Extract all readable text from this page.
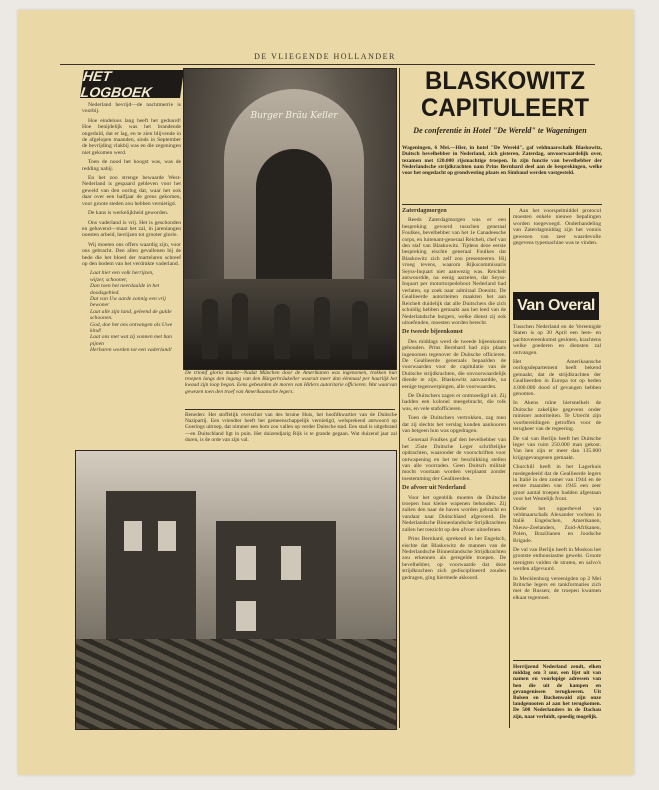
DE VLIEGENDE HOLLANDER
HET LOGBOEK

Nederland bevrijd—de nachtmerrie is voorbij.

Hoe eindeloos lang heeft het geduurd! Hoe benijdelijk was het brandende ongeduld, dat er lag, en te zien blijvende in de afgelopen maanden, sinds in September de bevrijding vlakbij was en die zegeningen niet gekomen werd.

Toen de nood het hoogst was, was de redding nabij.

En het zoo strenge bewaarde West-Nederland is gespaard gebleven voor het geweld van den oorlog dat, waar het ook daar over een halfjaar de grens gekomen, voor groote steden zou hebben vernietigd.

De kans is werkelijkheid geworden.

Ons vaderland is vrij. Het is geschonden en gehavend—maar het zal, in jarenlangen noesten arbeid, herrijzen tot grooter glorie.

Wij moeten ons offers waardig zijn, voor ons gebracht. Den allen gevallenen bij de bede die het bloed der martelaren schreef op den bodem van het verdrukte vaderland.

Laat hier een volk herrijzen,

wijzer, schooner,

Dan toen het neerdaalde in het doodsgebied.

Dat van Uw aarde zonnig een vrij bewoner

Laat alle zijn land, geleend de gulde schoonen.

God, doe het ons ontvangen als Uwe kind!

Laat ons met wat zij vonnen met hun pijnen

Herbaren worden tot een vaderland!

Burger Bräu Keller
De triomf gloria maakt—Nadat München door de Amerikanen was ingenomen, trokken hun troepen langs den ingang van den Bürgerbräukeller waaruit meer dan éénmaal per haarlijk het kwaad zijn loop begon. Eens gebeurden de moren van Hitlers autoritarie officieren. Wat waarvan gewezen toen den troef van Amerikaansche legers.
Beneden: Het stoffelijk overschot van des bruine Huis, het hoofdkwartier van de Duitsche Nazipartij. Een vriendter heeft het gemeenschappelijk vernietigd, welsprekend antwoord op Goerings uitroep, dat nimmer een bom zou vallen op verder Duitsche stad. Een stad is uitgebrand—en Duitschland ligt in puin. Het duizendjarig Rijk is te grande gegaan. Wat duizend jaar zal duren, is de orde van zijn val.
BLASKOWITZ CAPITULEERT
De conferentie in Hotel "De Wereld" te Wageningen
Wageningen, 6 Mei.—Hier, in hotel "De Wereld", gaf veldmaarschalk Blaskowitz, Duitsch bevelhebber in Nederland, zich gisteren, Zaterdag, onvoorwaardelijk over, tezamen met 120.000 rijsmachtige troepen. In zijn functie van bevelhebber der Nederlandsche strijdkrachten nam Prins Bernhard deel aan de besprekingen, welke voor het ongedacht op grondvesting plaats en Simbaud werden vastgesteld.

Zaterdagmorgen

Reeds Zaterdagmorgen was er een bespreking gevoerd tusschen generaal Foulkes, bevelhebber van het 1e Canadeesche corps, en luitenant-generaal Reichelt, chef van den staf van Blaskowitz. Tijdens deze eerste bespreking eischte generaal Foulkes dat Blaskowitz zich zelf zou presenteeren. Hij vroeg tevens, waarom Rijkscommissaris Seyss-Inquart niet aanwezig was. Reichelt antwoordde, na eenig aarzelen, dat Seyss-Inquart per motortorpedoboot Nederland had verlaten, op zoek naar admiraal Doenitz. De Geallieerde autoriteiten maakten het aan Reichelt duidelijk dat alle Duitschers die zich schuldig hebben gemaakt aan het leed van de Nederlandsche burgers, welke dienst zij ook uitoefenden, moesten worden berecht.

De tweede bijeenkomst

Des middags werd de tweede bijeenkomst gehouden. Prins Bernhard had zijn plaats ingenomen tegenover de Duitsche officieren. De Geallieerde generaals bepaalden de voorwaarden voor de capitulatie van de Duitsche strijdkrachten, die onvoorwaardelijk diende te zijn. Blaskowitz aanvaardde, na eenige tegenwerpingen, alle voorwaarden.

De Duitschers zagen er ontmoedigd uit. Zij hadden een kolonel meegebracht, die tolk was, en vele stafofficieren.

Toen de Duitschers vertrokken, zag men dat zij slechts het verslag konden aanhooren van hetgeen hun was opgedragen.

Generaal Foulkes gaf den bevelhebber van het 25ste Duitsche Leger schriftelijke opdrachten, waaronder de voorschriften voor ontwapening en het ter beschikking stellen van alle voorraden. Geen Duitsch militair mocht voortaan worden verplaatst zonder toestemming der Geallieerden.

De afvoer uit Nederland

Voor het ogenblik moeten de Duitsche troepen hun kleine wapenen behouden. Zij zullen den naar de haven worden gebracht en vandaar naar Duitschland afgevoerd. De Nederlandsche Binnenlandsche Strijdkrachten zullen het toezicht op den afvoer uitoefenen.

Prins Bernhard, sprekend in het Engelsch, eischte dat Blaskowitz de mannen van de Nederlandsche Binnenlandsche Strijdkrachten zou erkennen als geregelde troepen. De bevelhebber, op voorwaarde dat deze strijdkrachten zich gedisciplineerd zouden gedragen, ging hiermede akkoord.

Aan het voorspelmiddel protocol moesten enkele nieuwe bepalingen worden toegevoegd. Onderhandeling van Zaterdagmiddag zijn het vonnis gewezen van zeer waardevolle gegevens typemachine was te vinden.

Van Overal

Tusschen Nederland en de Vereenigde Staten is op 30 April een leen- en pachtovereenkomst gesloten, krachtens welke goederen en diensten zal ontvangen.

Het Amerikaansche oorlogsdepartement heeft bekend gemaakt, dat de strijdkrachten der Geallieerden in Europa tot op heden 4.000.000 dood of gevangen hebben genomen.

In Akens ruïne hiersnelkeit de Duitsche zakelijke gegevens onder minister autoriteiten. Te Utrecht zijn voorbereidingen getroffen voor de terugkeer van de regeering.

De val van Berlijn heeft het Duitsche leger van ruim 250.000 man gekost. Van hen zijn er meer dan 135.000 krijgsgevangenen gemaakt.

Churchill heeft in het Lagerhuis medegedeeld dat de Geallieerde legers in Italië in den zomer van 1944 en de eerste maanden van 1945 een zeer groot aantal troepen hadden afgestaan voor het Westelijk front.

Onder het opperbevel van veldmaarschalk Alexander vochten in Italië Engelschen, Amerikanen, Nieuw-Zeelanders, Zuid-Afrikanen, Polen, Brazilianen en Joodsche Brigade.

De val van Berlijn heeft in Moskou het grootste enthousiasme gewekt. Groote menigten vulden de straten, en salvo's werden afgevuurd.

In Mecklenburg vereenigden op 2 Mei Britsche legers en tankformaties zich met de Russen; de troepen kwamen elkaar tegemoet.

Herrijzend Nederland zendt, elken middag om 3 uur, een lijst uit van namen en voorlopige adressen van hen die uit de kampen en gevangenissen terugkeeren. Uit Bolsen en Buchenwald zijn onze landgenooten al aan het terugkomen. De 500 Nederlanders in de Dachau zijn, naar verluidt, spoedig mogelijk.
